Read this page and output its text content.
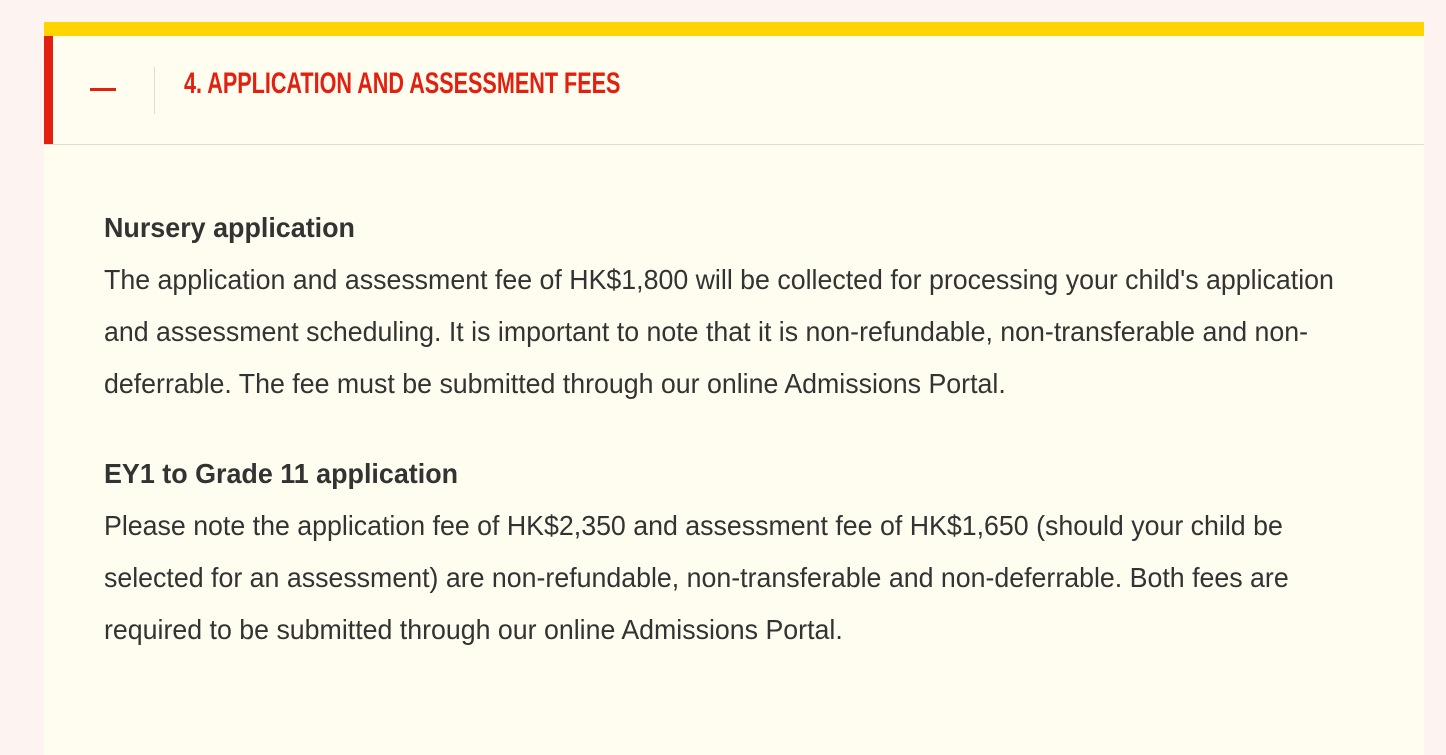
4. APPLICATION AND ASSESSMENT FEES

Nursery application

The application and assessment fee of HK$1,800 will be collected for processing your child's application and assessment scheduling. It is important to note that it is non-refundable, non-transferable and non-deferrable. The fee must be submitted through our online Admissions Portal.

EY1 to Grade 11 application

Please note the application fee of HK$2,350 and assessment fee of HK$1,650 (should your child be selected for an assessment) are non-refundable, non-transferable and non-deferrable. Both fees are required to be submitted through our online Admissions Portal.
